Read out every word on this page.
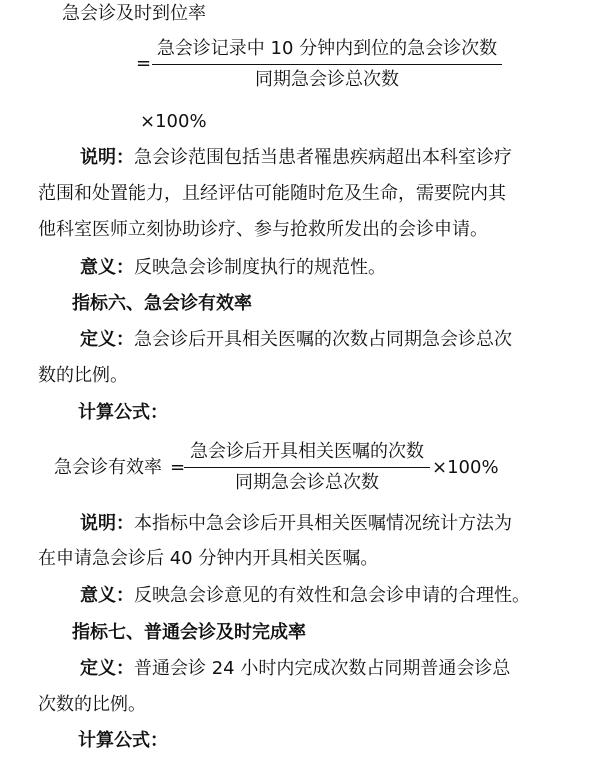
急会诊及时到位率
=
急会诊记录中 10 分钟内到位的急会诊次数
同期急会诊总次数
×100%
说明：急会诊范围包括当患者罹患疾病超出本科室诊疗
范围和处置能力，且经评估可能随时危及生命，需要院内其
他科室医师立刻协助诊疗、参与抢救所发出的会诊申请。
意义：反映急会诊制度执行的规范性。
指标六、急会诊有效率
定义：急会诊后开具相关医嘱的次数占同期急会诊总次
数的比例。
计算公式：
急会诊有效率 =
急会诊后开具相关医嘱的次数
同期急会诊总次数
×100%
说明：本指标中急会诊后开具相关医嘱情况统计方法为
在申请急会诊后 40 分钟内开具相关医嘱。
意义：反映急会诊意见的有效性和急会诊申请的合理性。
指标七、普通会诊及时完成率
定义：普通会诊 24 小时内完成次数占同期普通会诊总
次数的比例。
计算公式：
